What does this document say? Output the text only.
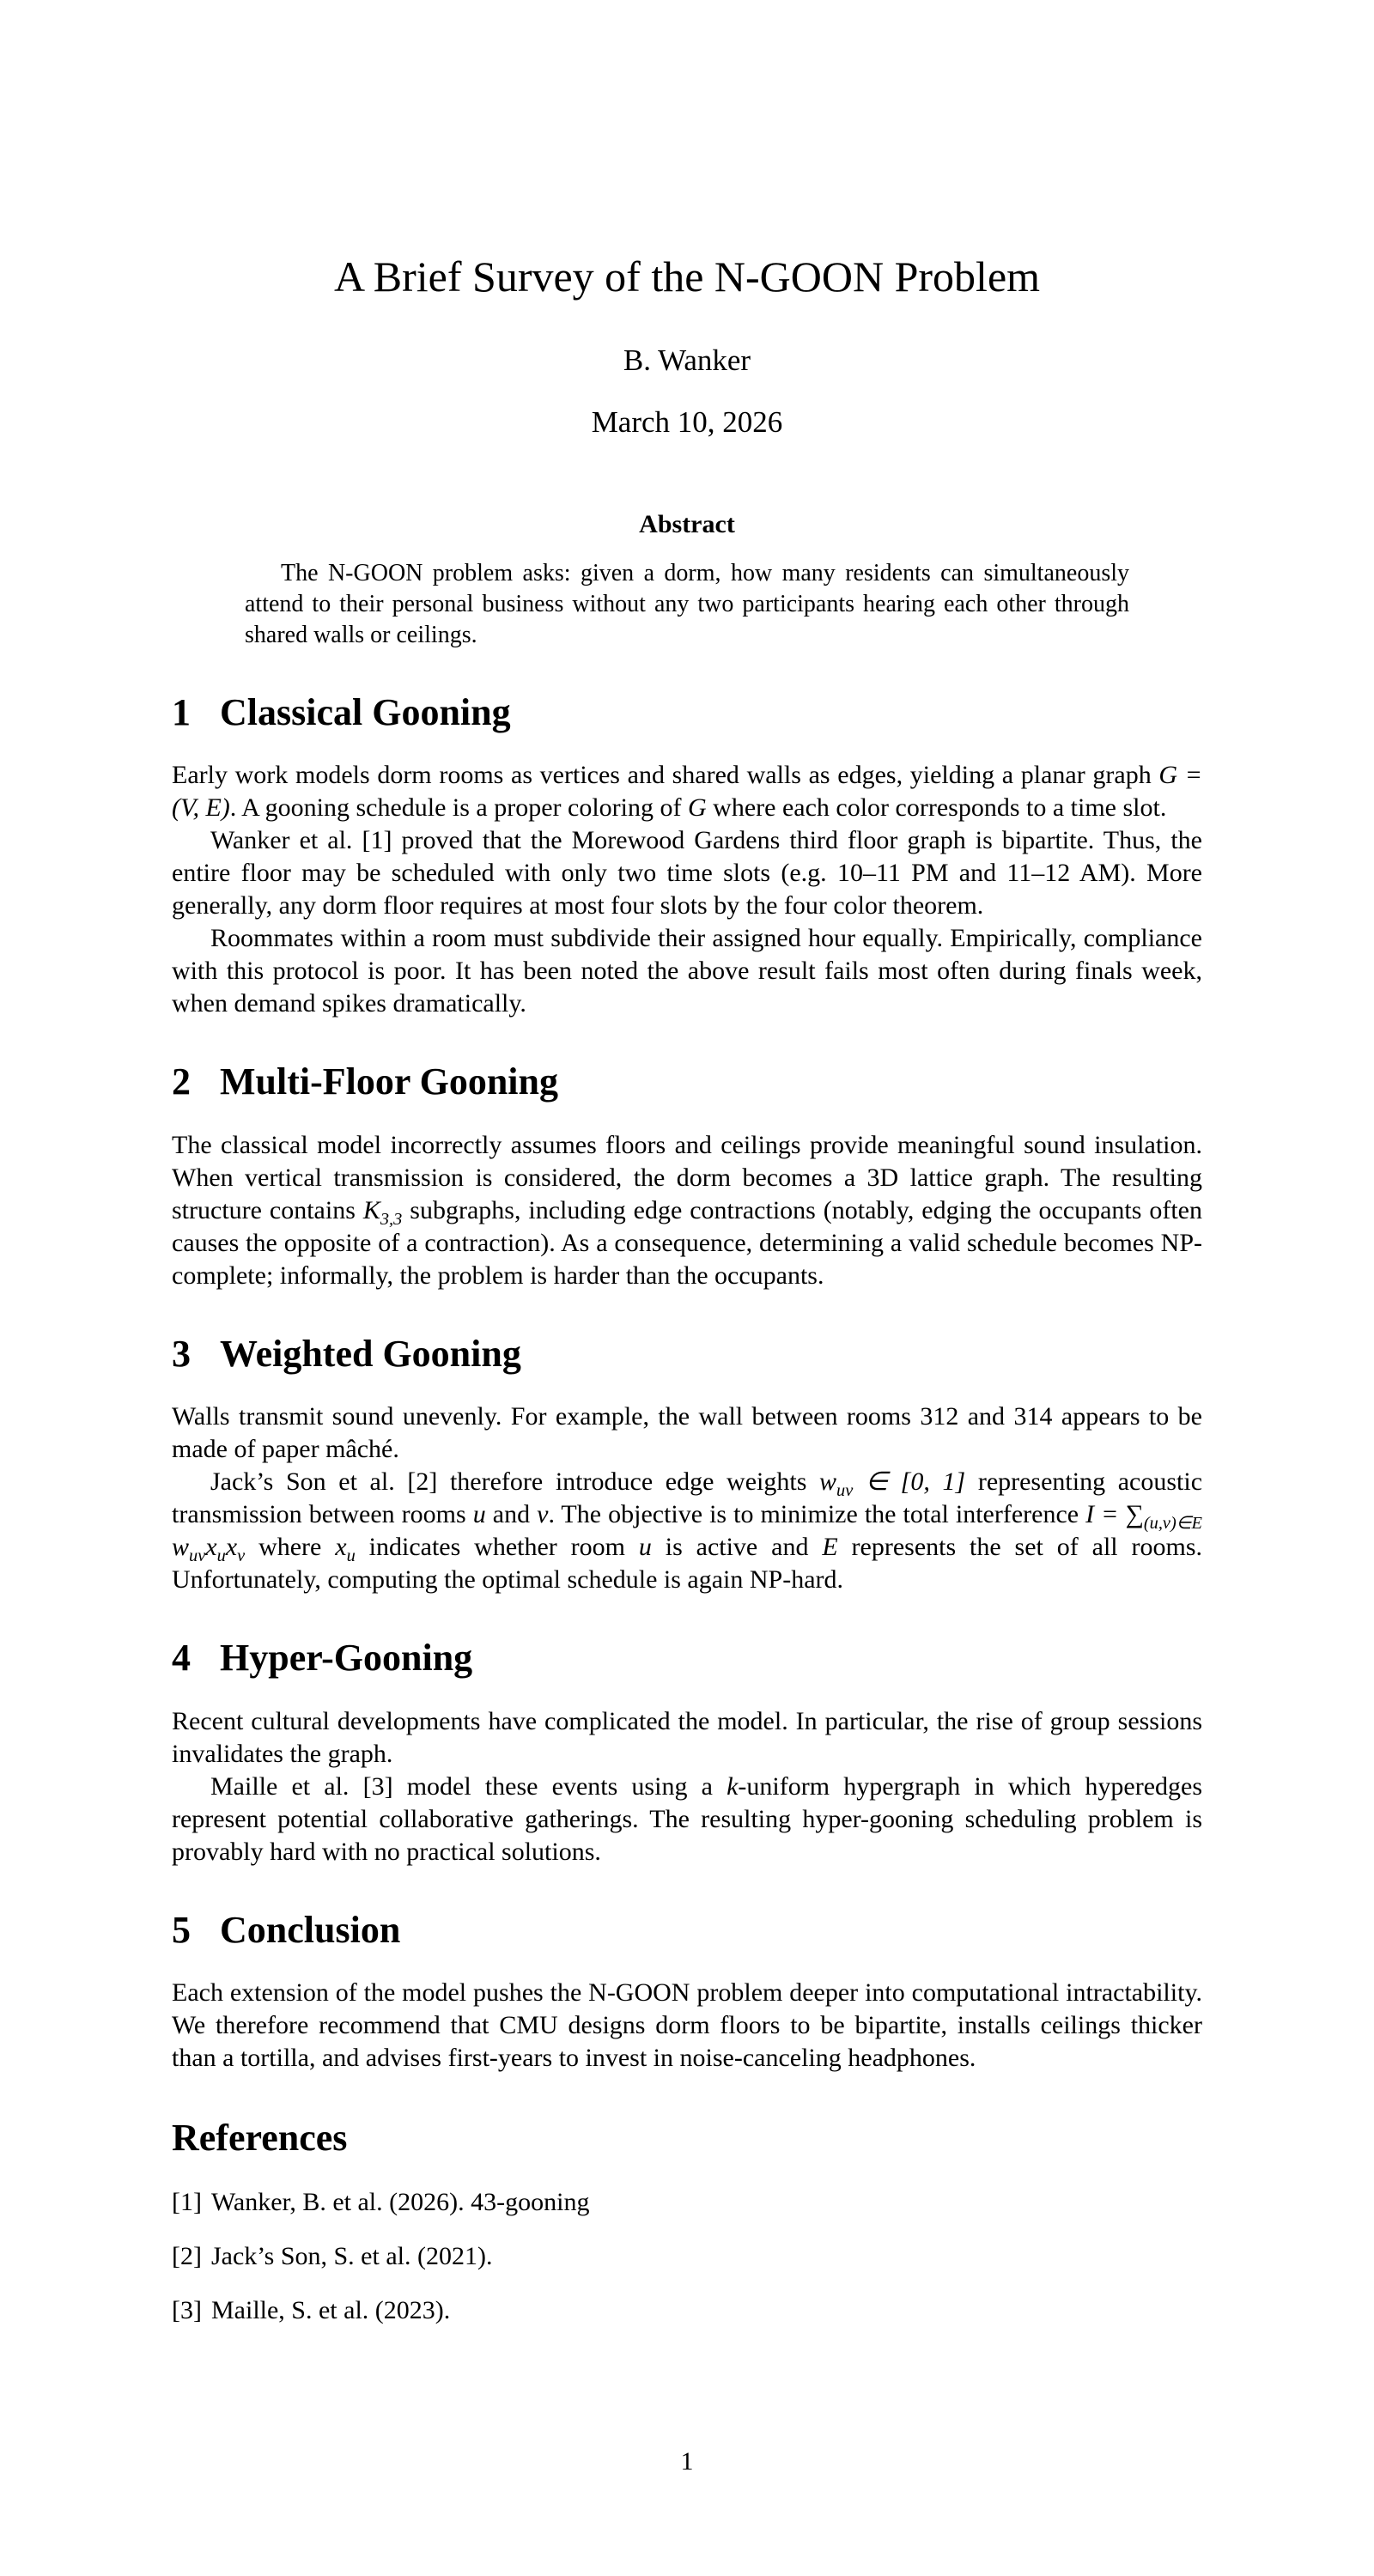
A Brief Survey of the N-GOON Problem
B. Wanker
March 10, 2026
Abstract

The N-GOON problem asks: given a dorm, how many residents can simultaneously attend to their personal business without any two participants hearing each other through shared walls or ceilings.

1 Classical Gooning

Early work models dorm rooms as vertices and shared walls as edges, yielding a planar graph G = (V, E). A gooning schedule is a proper coloring of G where each color corresponds to a time slot.

Wanker et al. [1] proved that the Morewood Gardens third floor graph is bipartite. Thus, the entire floor may be scheduled with only two time slots (e.g. 10–11 PM and 11–12 AM). More generally, any dorm floor requires at most four slots by the four color theorem.

Roommates within a room must subdivide their assigned hour equally. Empirically, compliance with this protocol is poor. It has been noted the above result fails most often during finals week, when demand spikes dramatically.

2 Multi-Floor Gooning

The classical model incorrectly assumes floors and ceilings provide meaningful sound insulation. When vertical transmission is considered, the dorm becomes a 3D lattice graph. The resulting structure contains $K_{3,3}$ subgraphs, including edge contractions (notably, edging the occupants often causes the opposite of a contraction). As a consequence, determining a valid schedule becomes NP-complete; informally, the problem is harder than the occupants.

3 Weighted Gooning

Walls transmit sound unevenly. For example, the wall between rooms 312 and 314 appears to be made of paper mâché.

Jack’s Son et al. [2] therefore introduce edge weights $w_{uv}$ ∈ [0, 1] representing acoustic transmission between rooms u and v. The objective is to minimize the total interference $I = \sum_{(u,v)\in E}$ $w_{uv}x_ux_v$ where $x_u$ indicates whether room u is active and E represents the set of all rooms. Unfortunately, computing the optimal schedule is again NP-hard.

4 Hyper-Gooning

Recent cultural developments have complicated the model. In particular, the rise of group sessions invalidates the graph.

Maille et al. [3] model these events using a k-uniform hypergraph in which hyperedges represent potential collaborative gatherings. The resulting hyper-gooning scheduling problem is provably hard with no practical solutions.

5 Conclusion

Each extension of the model pushes the N-GOON problem deeper into computational intractability. We therefore recommend that CMU designs dorm floors to be bipartite, installs ceilings thicker than a tortilla, and advises first-years to invest in noise-canceling headphones.

References
[1] Wanker, B. et al. (2026). 43-gooning
[2] Jack’s Son, S. et al. (2021).
[3] Maille, S. et al. (2023).
1
